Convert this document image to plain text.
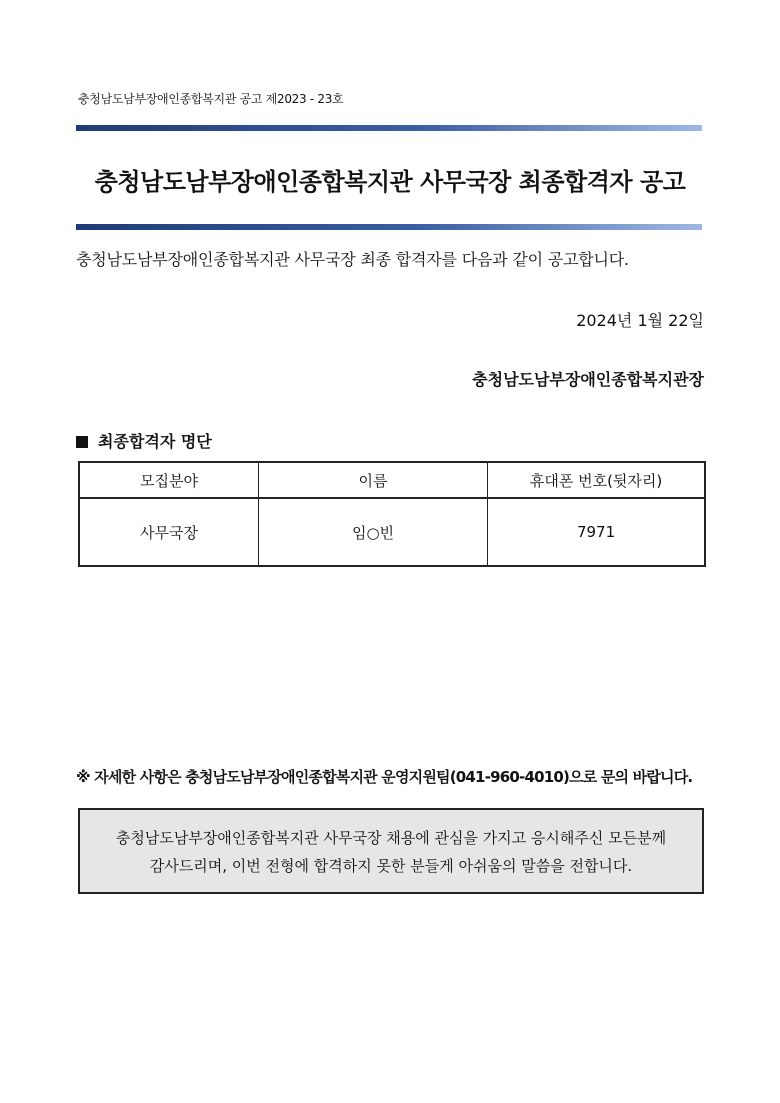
충청남도남부장애인종합복지관 공고 제2023 - 23호
충청남도남부장애인종합복지관 사무국장 최종합격자 공고
충청남도남부장애인종합복지관 사무국장 최종 합격자를 다음과 같이 공고합니다.
2024년 1월 22일
충청남도남부장애인종합복지관장
최종합격자 명단
모집분야	이름	휴대폰 번호(뒷자리)
사무국장	임○빈	7971
※ 자세한 사항은 충청남도남부장애인종합복지관 운영지원팀(041-960-4010)으로 문의 바랍니다.
충청남도남부장애인종합복지관 사무국장 채용에 관심을 가지고 응시해주신 모든분께
감사드리며, 이번 전형에 합격하지 못한 분들게 아쉬움의 말씀을 전합니다.
